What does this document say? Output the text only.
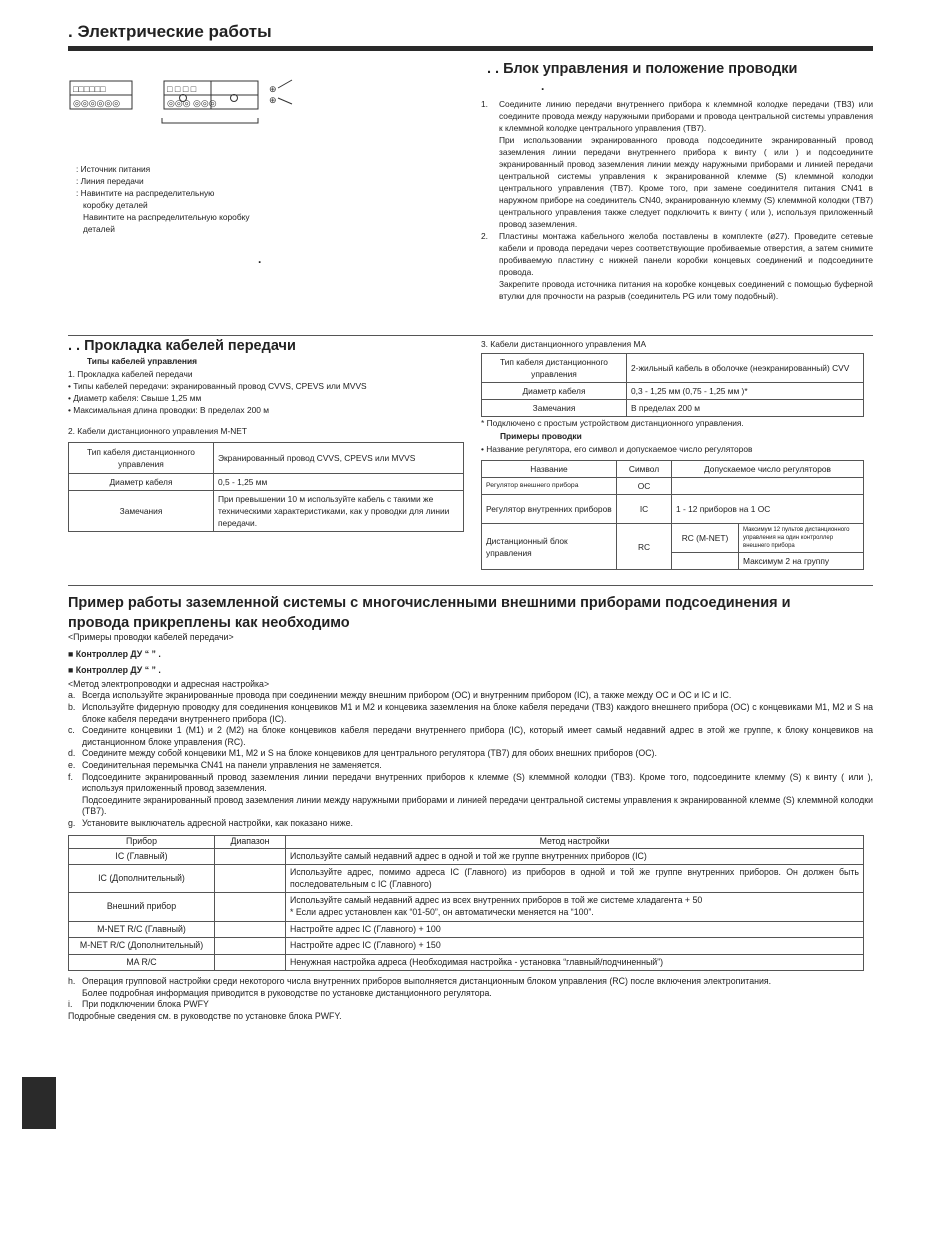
. Электрические работы
□□□□□□
◎◎◎◎◎◎
□ □ □ □
◎◎◎ ◎◎◎
⊕
⊕
: Источник питания
: Линия передачи
: Навинтите на распределительную
коробку деталей
Навинтите на распределительную коробку
деталей
.
. . Блок управления и положение проводки
.
1.	Соедините линию передачи внутреннего прибора к клеммной колодке передачи (TB3) или соедините провода между наружными приборами и провода центральной системы управления к клеммной колодке центрального управления (TB7).
При использовании экранированного провода подсоедините экранированный провод заземления линии передачи внутреннего прибора к винту ( или ) и подсоедините экранированный провод заземления линии между наружными приборами и линией передачи центральной системы управления к экранированной клемме (S) клеммной колодки центрального управления (TB7). Кроме того, при замене соединителя питания CN41 в наружном приборе на соединитель CN40, экранированную клемму (S) клеммной колодки (TB7) центрального управления также следует подключить к винту ( или ), используя приложенный провод заземления.
2.	Пластины монтажа кабельного желоба поставлены в комплекте (ø27). Проведите сетевые кабели и провода передачи через соответствующие пробиваемые отверстия, а затем снимите пробиваемую пластину с нижней панели коробки концевых соединений и подсоедините провода.
Закрепите провода источника питания на коробке концевых соединений с помощью буферной втулки для прочности на разрыв (соединитель PG или тому подобный).
. . Прокладка кабелей передачи
Типы кабелей управления
1. Прокладка кабелей передачи
• Типы кабелей передачи: экранированный провод CVVS, CPEVS или MVVS
• Диаметр кабеля: Свыше 1,25 мм
• Максимальная длина проводки: В пределах 200 м
2. Кабели дистанционного управления M-NET
Тип кабеля дистанционного управления	Экранированный провод CVVS, CPEVS или MVVS
Диаметр кабеля	0,5 - 1,25 мм
Замечания	При превышении 10 м используйте кабель с такими же техническими характеристиками, как у проводки для линии передачи.
3. Кабели дистанционного управления MA
Тип кабеля дистанционного управления	2-жильный кабель в оболочке (неэкранированный) CVV
Диаметр кабеля	0,3 - 1,25 мм (0,75 - 1,25 мм )*
Замечания	В пределах 200 м
* Подключено с простым устройством дистанционного управления.
Примеры проводки
• Название регулятора, его символ и допускаемое число регуляторов
Название	Символ	Допускаемое число регуляторов	
Регулятор внешнего прибора	OC		
Регулятор внутренних приборов	IC	1 - 12 приборов на 1 OC	
Дистанционный блок управления	RC	RC (M-NET)	Максимум 12 пультов дистанционного управления на один контроллер внешнего прибора
			Максимум 2 на группу
Пример работы заземленной системы с многочисленными внешними приборами подсоединения и
провода прикреплены как необходимо
<Примеры проводки кабелей передачи>
■ Контроллер ДУ “ ” .
■ Контроллер ДУ “ ” .
<Метод электропроводки и адресная настройка>
a. Всегда используйте экранированные провода при соединении между внешним прибором (OC) и внутренним прибором (IC), а также между OC и OC и IC и IC.
b. Используйте фидерную проводку для соединения концевиков M1 и M2 и концевика заземления на блоке кабеля передачи (TB3) каждого внешнего прибора (OC) с концевиками M1, M2 и S на блоке кабеля передачи внутреннего прибора (IC).
c. Соедините концевики 1 (M1) и 2 (M2) на блоке концевиков кабеля передачи внутреннего прибора (IC), который имеет самый недавний адрес в этой же группе, к блоку концевиков на дистанционном блоке управления (RC).
d. Соедините между собой концевики M1, M2 и S на блоке концевиков для центрального регулятора (TB7) для обоих внешних приборов (OC).
e. Соединительная перемычка CN41 на панели управления не заменяется.
f.	Подсоедините экранированный провод заземления линии передачи внутренних приборов к клемме (S) клеммной колодки (TB3). Кроме того, подсоедините клемму (S) к винту ( или ), используя приложенный провод заземления.
Подсоедините экранированный провод заземления линии между наружными приборами и линией передачи центральной системы управления к экранированной клемме (S) клеммной колодки (TB7).
g. Установите выключатель адресной настройки, как показано ниже.
Прибор	Диапазон	Метод настройки
IC (Главный)		Используйте самый недавний адрес в одной и той же группе внутренних приборов (IC)
IC (Дополнительный)		Используйте адрес, помимо адреса IC (Главного) из приборов в одной и той же группе внутренних приборов. Он должен быть последовательным с IC (Главного)
Внешний прибор		Используйте самый недавний адрес из всех внутренних приборов в той же системе хладагента + 50
* Если адрес установлен как “01-50”, он автоматически меняется на “100”.
M-NET R/C (Главный)		Настройте адрес IC (Главного) + 100
M-NET R/C (Дополнительный)		Настройте адрес IC (Главного) + 150
MA R/C		Ненужная настройка адреса (Необходимая настройка - установка “главный/подчиненный”)
h. Операция групповой настройки среди некоторого числа внутренних приборов выполняется дистанционным блоком управления (RC) после включения электропитания.
Более подробная информация приводится в руководстве по установке дистанционного регулятора.
i.	При подключении блока PWFY
Подробные сведения см. в руководстве по установке блока PWFY.
